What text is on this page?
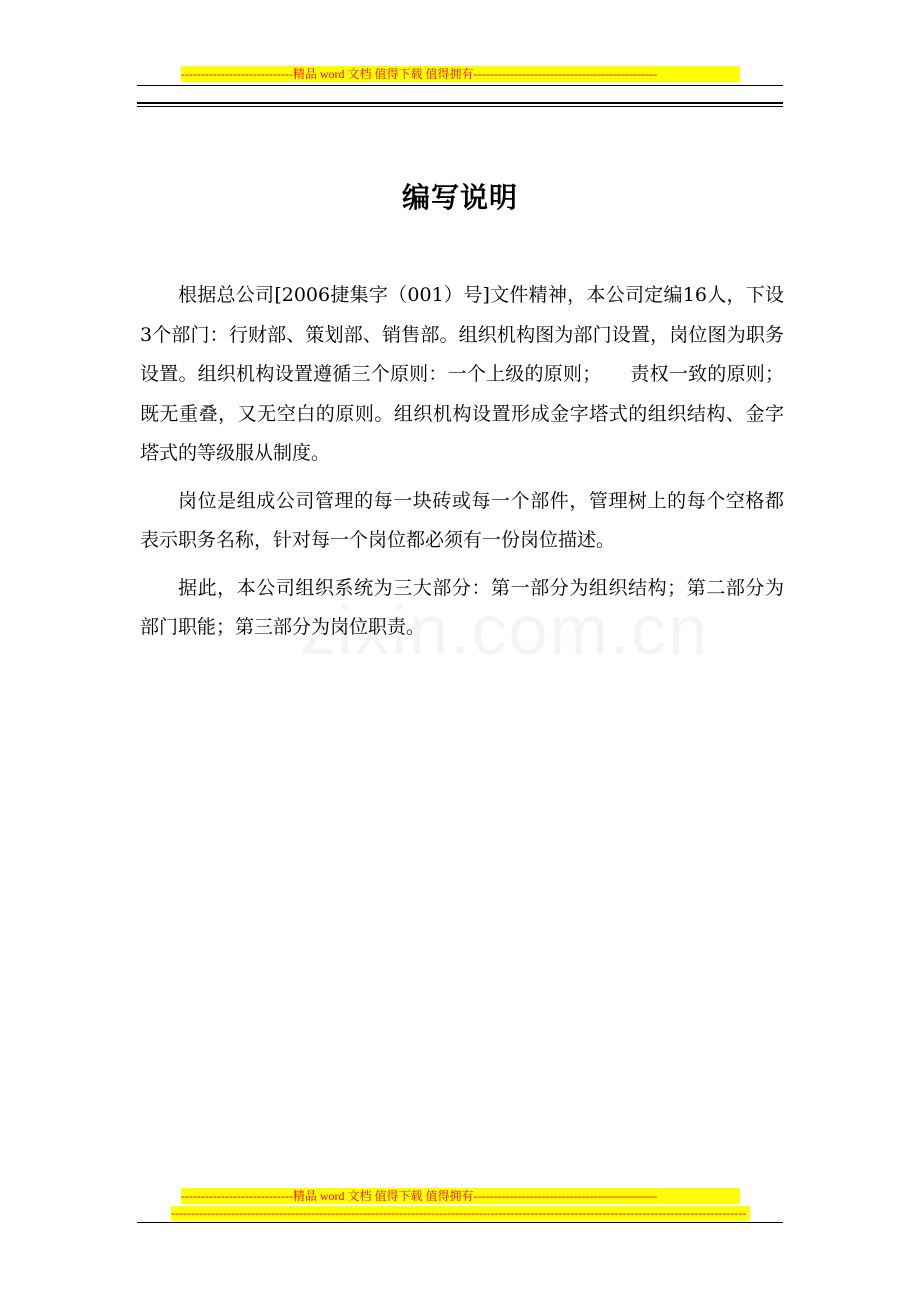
----------------------------精品 word 文档 值得下载 值得拥有----------------------------------------------
编写说明

根据总公司[2006捷集字（001）号]文件精神，本公司定编16人，下设3个部门：行财部、策划部、销售部。组织机构图为部门设置，岗位图为职务设置。组织机构设置遵循三个原则：一个上级的原则；　　责权一致的原则；既无重叠，又无空白的原则。组织机构设置形成金字塔式的组织结构、金字塔式的等级服从制度。

岗位是组成公司管理的每一块砖或每一个部件，管理树上的每个空格都表示职务名称，针对每一个岗位都必须有一份岗位描述。

据此，本公司组织系统为三大部分：第一部分为组织结构；第二部分为部门职能；第三部分为岗位职责。

----------------------------精品 word 文档 值得下载 值得拥有----------------------------------------------
------------------------------------------------------------------------------------------------------------------------------------------------
